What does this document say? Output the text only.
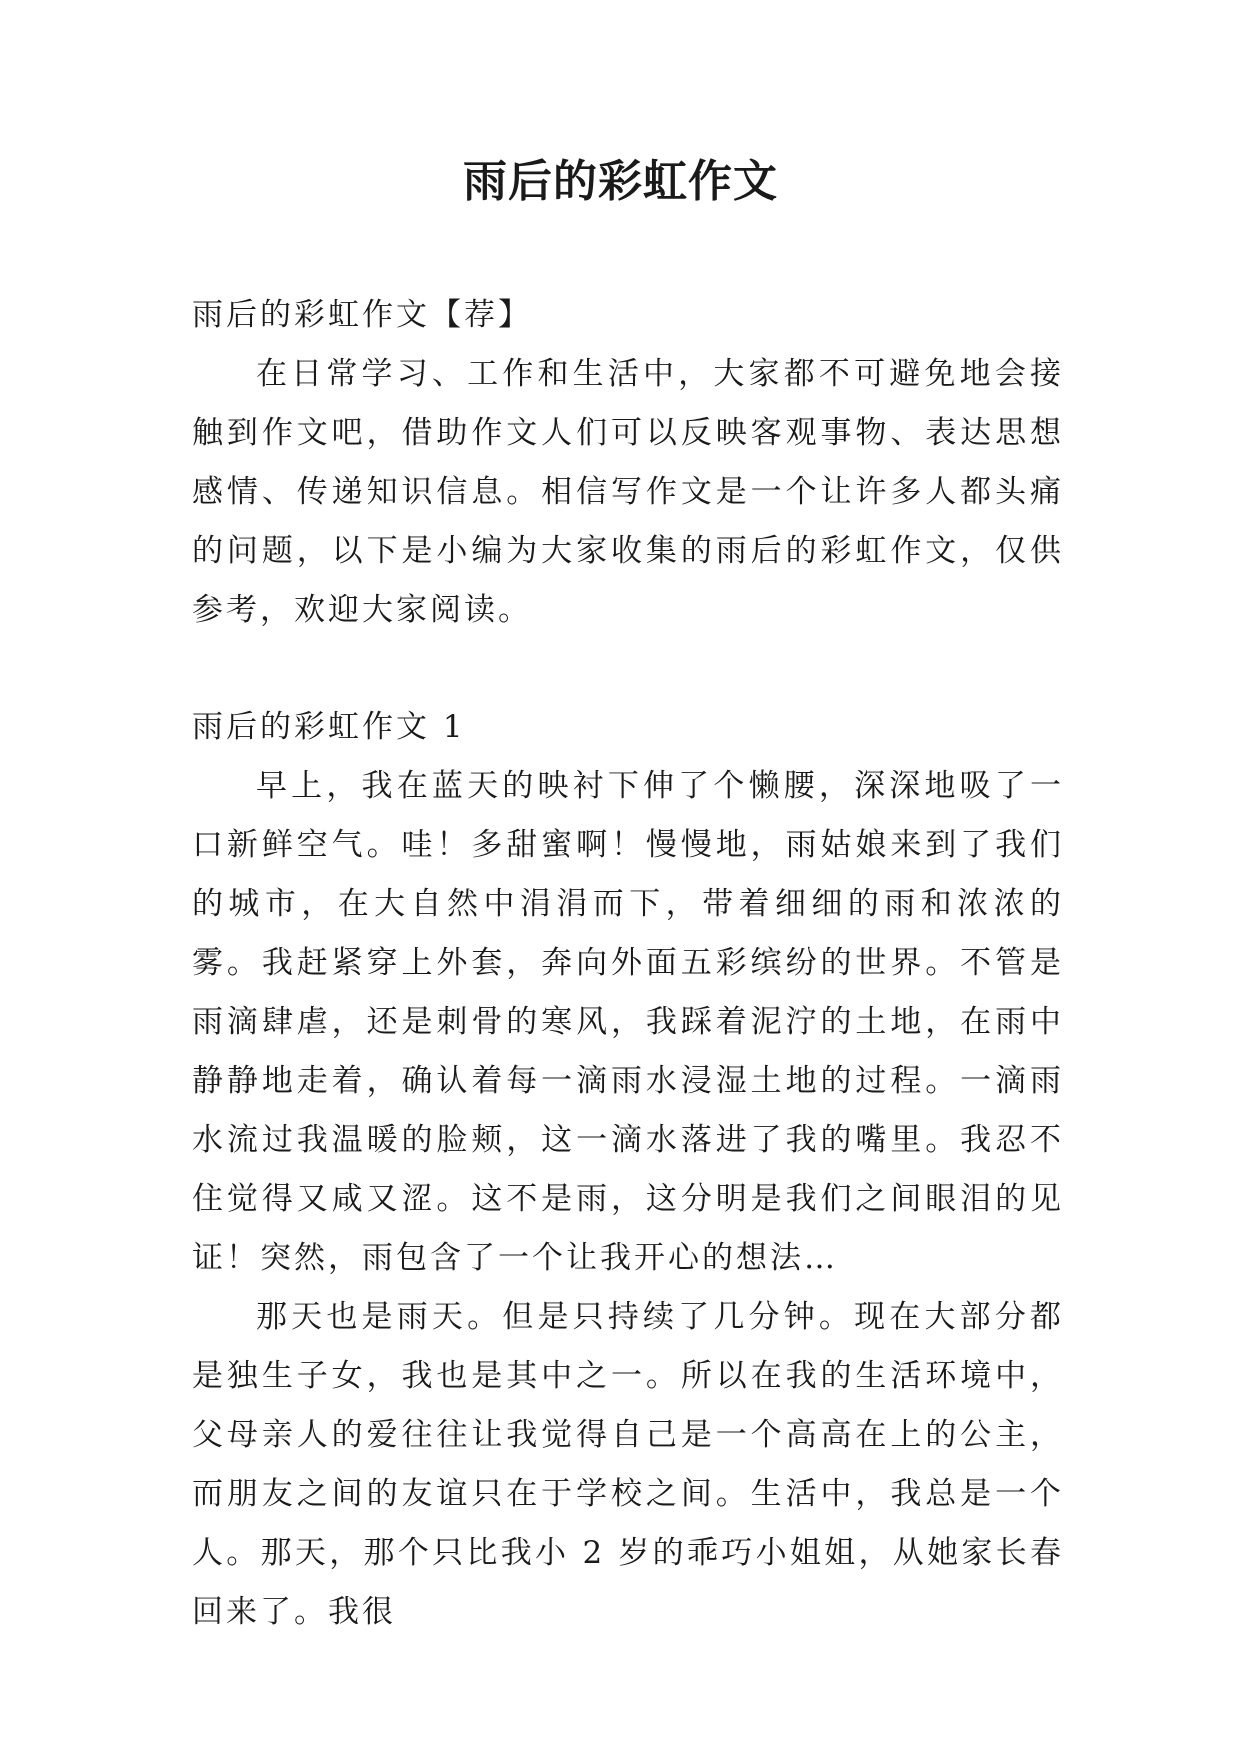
雨后的彩虹作文

雨后的彩虹作文【荐】

在日常学习、工作和生活中，大家都不可避免地会接触到作文吧，借助作文人们可以反映客观事物、表达思想感情、传递知识信息。相信写作文是一个让许多人都头痛的问题，以下是小编为大家收集的雨后的彩虹作文，仅供参考，欢迎大家阅读。

雨后的彩虹作文 1

早上，我在蓝天的映衬下伸了个懒腰，深深地吸了一口新鲜空气。哇！多甜蜜啊！慢慢地，雨姑娘来到了我们的城市，在大自然中涓涓而下，带着细细的雨和浓浓的雾。我赶紧穿上外套，奔向外面五彩缤纷的世界。不管是雨滴肆虐，还是刺骨的寒风，我踩着泥泞的土地，在雨中静静地走着，确认着每一滴雨水浸湿土地的过程。一滴雨水流过我温暖的脸颊，这一滴水落进了我的嘴里。我忍不住觉得又咸又涩。这不是雨，这分明是我们之间眼泪的见证！突然，雨包含了一个让我开心的想法…

那天也是雨天。但是只持续了几分钟。现在大部分都是独生子女，我也是其中之一。所以在我的生活环境中，父母亲人的爱往往让我觉得自己是一个高高在上的公主，而朋友之间的友谊只在于学校之间。生活中，我总是一个人。那天，那个只比我小 2 岁的乖巧小姐姐，从她家长春回来了。我很
